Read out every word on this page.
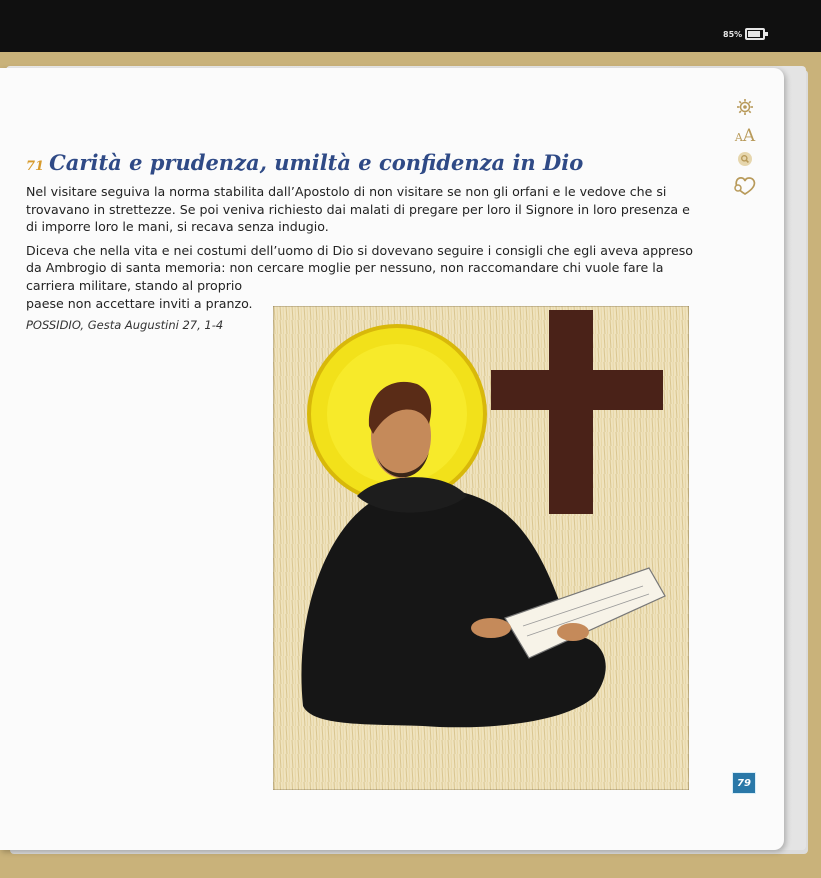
85%
AA
71 Carità e prudenza, umiltà e confidenza in Dio
Nel visitare seguiva la norma stabilita dall’Apostolo di non visitare se non gli orfani e le vedove che si
trovavano in strettezze. Se poi veniva richiesto dai malati di pregare per loro il Signore in loro presenza e
di imporre loro le mani, si recava senza indugio.
Diceva che nella vita e nei costumi dell’uomo di Dio si dovevano seguire i consigli che egli aveva appreso
da Ambrogio di santa memoria: non cercare moglie per nessuno, non raccomandare chi vuole fare la
carriera militare, stando al proprio
paese non accettare inviti a pranzo.
POSSIDIO, Gesta Augustini 27, 1-4
79
